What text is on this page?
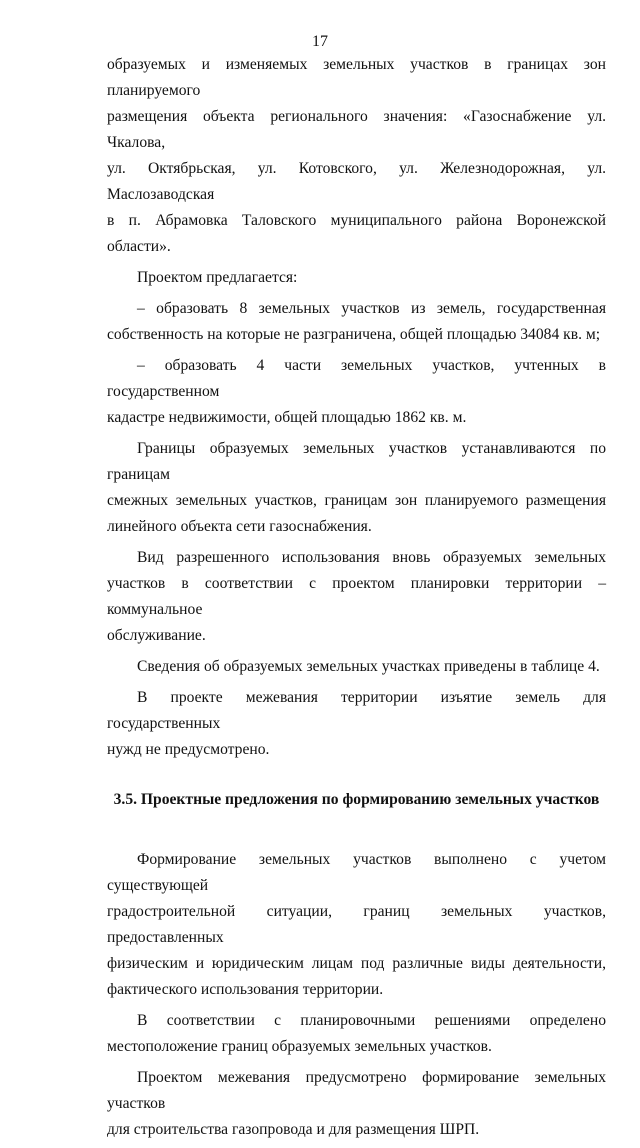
17

образуемых и изменяемых земельных участков в границах зон планируемого
размещения объекта регионального значения: «Газоснабжение ул. Чкалова,
ул. Октябрьская, ул. Котовского, ул. Железнодорожная, ул. Маслозаводская
в п. Абрамовка Таловского муниципального района Воронежской области».

Проектом предлагается:

– образовать 8 земельных участков из земель, государственная
собственность на которые не разграничена, общей площадью 34084 кв. м;

– образовать 4 части земельных участков, учтенных в государственном
кадастре недвижимости, общей площадью 1862 кв. м.

Границы образуемых земельных участков устанавливаются по границам
смежных земельных участков, границам зон планируемого размещения
линейного объекта сети газоснабжения.

Вид разрешенного использования вновь образуемых земельных
участков в соответствии с проектом планировки территории – коммунальное
обслуживание.

Сведения об образуемых земельных участках приведены в таблице 4.

В проекте межевания территории изъятие земель для государственных
нужд не предусмотрено.

3.5. Проектные предложения по формированию земельных участков

Формирование земельных участков выполнено с учетом существующей
градостроительной ситуации, границ земельных участков, предоставленных
физическим и юридическим лицам под различные виды деятельности,
фактического использования территории.

В соответствии с планировочными решениями определено
местоположение границ образуемых земельных участков.

Проектом межевания предусмотрено формирование земельных участков
для строительства газопровода и для размещения ШРП.
